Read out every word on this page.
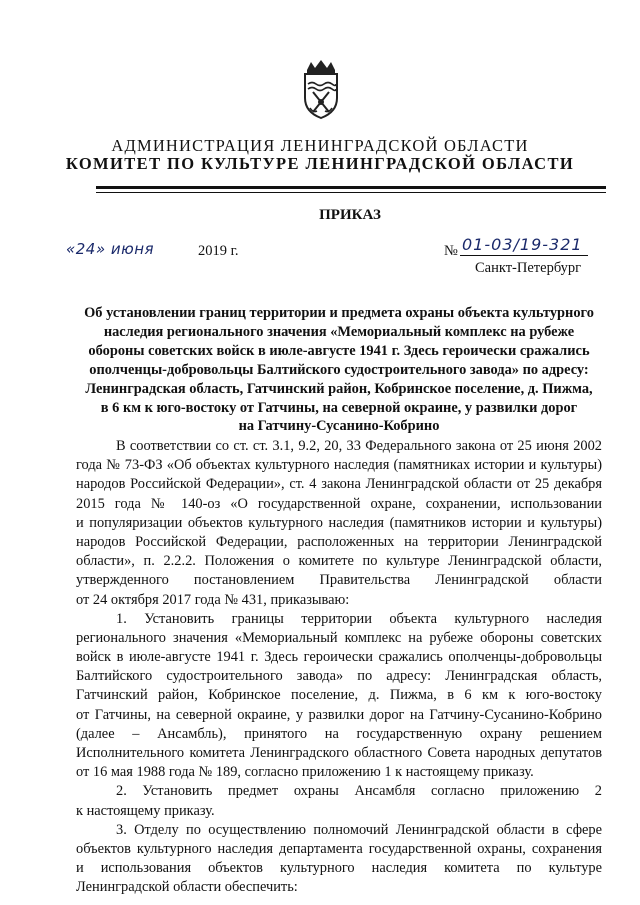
АДМИНИСТРАЦИЯ ЛЕНИНГРАДСКОЙ ОБЛАСТИ
КОМИТЕТ ПО КУЛЬТУРЕ ЛЕНИНГРАДСКОЙ ОБЛАСТИ
ПРИКАЗ
«24» июня	2019 г.	№ 01-03/19-321
Санкт-Петербург
Об установлении границ территории и предмета охраны объекта культурного
наследия регионального значения «Мемориальный комплекс на рубеже
обороны советских войск в июле-августе 1941 г. Здесь героически сражались
ополченцы-добровольцы Балтийского судостроительного завода» по адресу:
Ленинградская область, Гатчинский район, Кобринское поселение, д. Пижма,
в 6 км к юго-востоку от Гатчины, на северной окраине, у развилки дорог
на Гатчину-Сусанино-Кобрино
В соответствии со ст. ст. 3.1, 9.2, 20, 33 Федерального закона от 25 июня 2002
года № 73-ФЗ «Об объектах культурного наследия (памятниках истории и культуры)
народов Российской Федерации», ст. 4 закона Ленинградской области от 25 декабря
2015 года № 140-оз «О государственной охране, сохранении, использовании
и популяризации объектов культурного наследия (памятников истории и культуры)
народов Российской Федерации, расположенных на территории Ленинградской
области», п. 2.2.2. Положения о комитете по культуре Ленинградской области,
утвержденного постановлением Правительства Ленинградской области
от 24 октября 2017 года № 431, приказываю:
1. Установить границы территории объекта культурного наследия
регионального значения «Мемориальный комплекс на рубеже обороны советских
войск в июле-августе 1941 г. Здесь героически сражались ополченцы-добровольцы
Балтийского судостроительного завода» по адресу: Ленинградская область,
Гатчинский район, Кобринское поселение, д. Пижма, в 6 км к юго-востоку
от Гатчины, на северной окраине, у развилки дорог на Гатчину-Сусанино-Кобрино
(далее – Ансамбль), принятого на государственную охрану решением
Исполнительного комитета Ленинградского областного Совета народных депутатов
от 16 мая 1988 года № 189, согласно приложению 1 к настоящему приказу.
2. Установить предмет охраны Ансамбля согласно приложению 2
к настоящему приказу.
3. Отделу по осуществлению полномочий Ленинградской области в сфере
объектов культурного наследия департамента государственной охраны, сохранения
и использования объектов культурного наследия комитета по культуре
Ленинградской области обеспечить:
